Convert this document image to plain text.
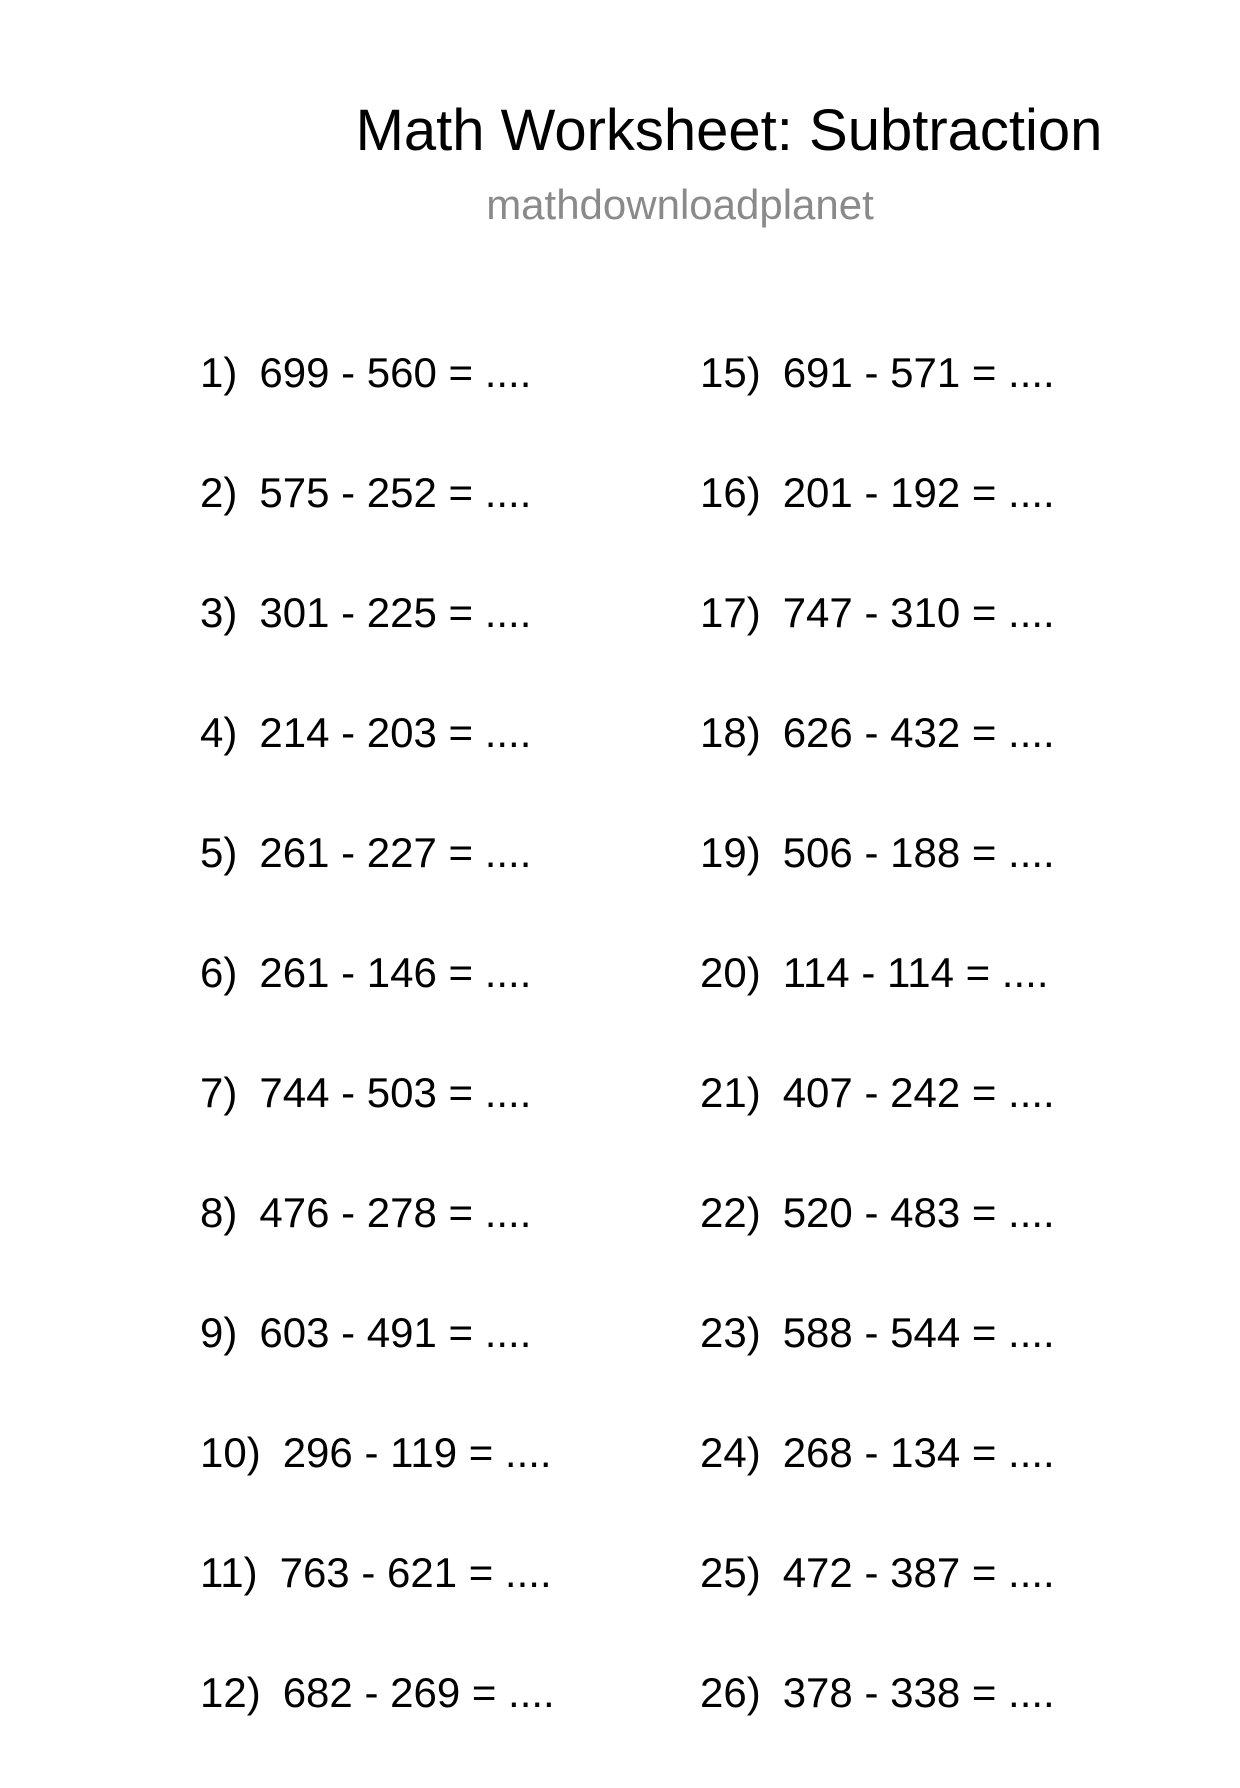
Math Worksheet: Subtraction
mathdownloadplanet
1) 699 - 560 = ....
2) 575 - 252 = ....
3) 301 - 225 = ....
4) 214 - 203 = ....
5) 261 - 227 = ....
6) 261 - 146 = ....
7) 744 - 503 = ....
8) 476 - 278 = ....
9) 603 - 491 = ....
10) 296 - 119 = ....
11) 763 - 621 = ....
12) 682 - 269 = ....
15) 691 - 571 = ....
16) 201 - 192 = ....
17) 747 - 310 = ....
18) 626 - 432 = ....
19) 506 - 188 = ....
20) 114 - 114 = ....
21) 407 - 242 = ....
22) 520 - 483 = ....
23) 588 - 544 = ....
24) 268 - 134 = ....
25) 472 - 387 = ....
26) 378 - 338 = ....
